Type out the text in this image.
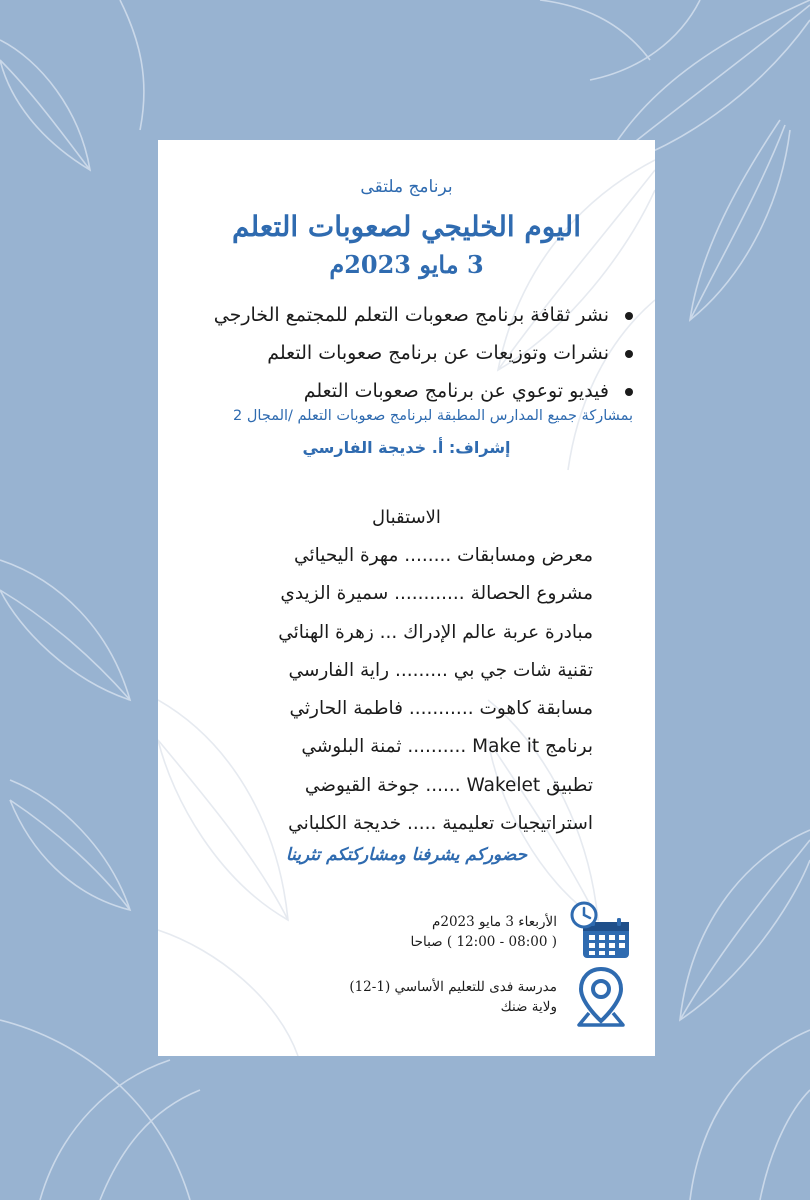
برنامج ملتقى
اليوم الخليجي لصعوبات التعلم
3 مايو 2023م
نشر ثقافة برنامج صعوبات التعلم للمجتمع الخارجي
نشرات وتوزيعات عن برنامج صعوبات التعلم
فيديو توعوي عن برنامج صعوبات التعلم
بمشاركة جميع المدارس المطبقة لبرنامج صعوبات التعلم /المجال 2
إشراف: أ. خديجة الفارسي
الاستقبال
معرض ومسابقات ........ مهرة اليحيائي
مشروع الحصالة ............ سميرة الزيدي
مبادرة عربة عالم الإدراك ... زهرة الهنائي
تقنية شات جي بي ......... راية الفارسي
مسابقة كاهوت ........... فاطمة الحارثي
برنامج Make it .......... ثمنة البلوشي
تطبيق Wakelet ...... جوخة القيوضي
استراتيجيات تعليمية ..... خديجة الكلباني
حضوركم يشرفنا ومشاركتكم تثرينا
الأربعاء 3 مايو 2023م
( 08:00 - 12:00 ) صباحا
مدرسة فدى للتعليم الأساسي (1-12)
ولاية ضنك
